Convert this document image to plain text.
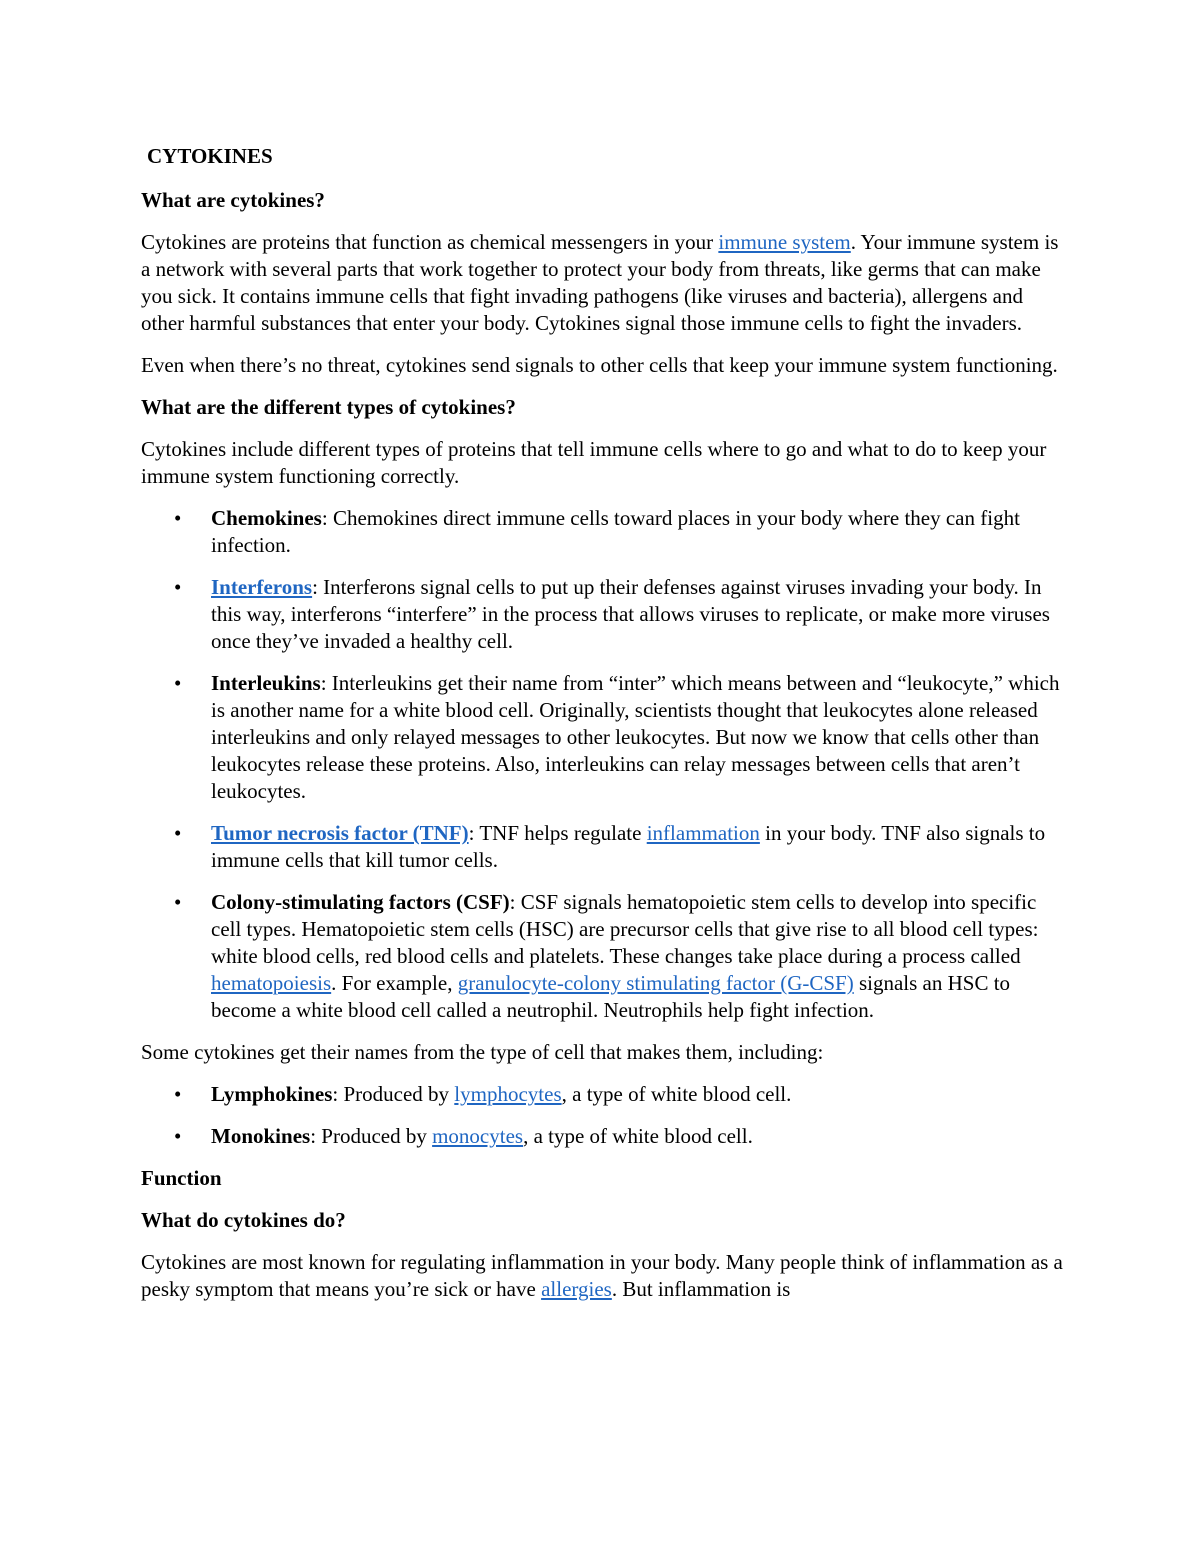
CYTOKINES
What are cytokines?

Cytokines are proteins that function as chemical messengers in your immune system. Your immune system is a network with several parts that work together to protect your body from threats, like germs that can make you sick. It contains immune cells that fight invading pathogens (like viruses and bacteria), allergens and other harmful substances that enter your body. Cytokines signal those immune cells to fight the invaders.

Even when there’s no threat, cytokines send signals to other cells that keep your immune system functioning.

What are the different types of cytokines?

Cytokines include different types of proteins that tell immune cells where to go and what to do to keep your immune system functioning correctly.

• Chemokines: Chemokines direct immune cells toward places in your body where they can fight infection.
• Interferons: Interferons signal cells to put up their defenses against viruses invading your body. In this way, interferons “interfere” in the process that allows viruses to replicate, or make more viruses once they’ve invaded a healthy cell.
• Interleukins: Interleukins get their name from “inter” which means between and “leukocyte,” which is another name for a white blood cell. Originally, scientists thought that leukocytes alone released interleukins and only relayed messages to other leukocytes. But now we know that cells other than leukocytes release these proteins. Also, interleukins can relay messages between cells that aren’t leukocytes.
• Tumor necrosis factor (TNF): TNF helps regulate inflammation in your body. TNF also signals to immune cells that kill tumor cells.
• Colony-stimulating factors (CSF): CSF signals hematopoietic stem cells to develop into specific cell types. Hematopoietic stem cells (HSC) are precursor cells that give rise to all blood cell types: white blood cells, red blood cells and platelets. These changes take place during a process called hematopoiesis. For example, granulocyte-colony stimulating factor (G-CSF) signals an HSC to become a white blood cell called a neutrophil. Neutrophils help fight infection.

Some cytokines get their names from the type of cell that makes them, including:

• Lymphokines: Produced by lymphocytes, a type of white blood cell.
• Monokines: Produced by monocytes, a type of white blood cell.
Function
What do cytokines do?

Cytokines are most known for regulating inflammation in your body. Many people think of inflammation as a pesky symptom that means you’re sick or have allergies. But inflammation is
